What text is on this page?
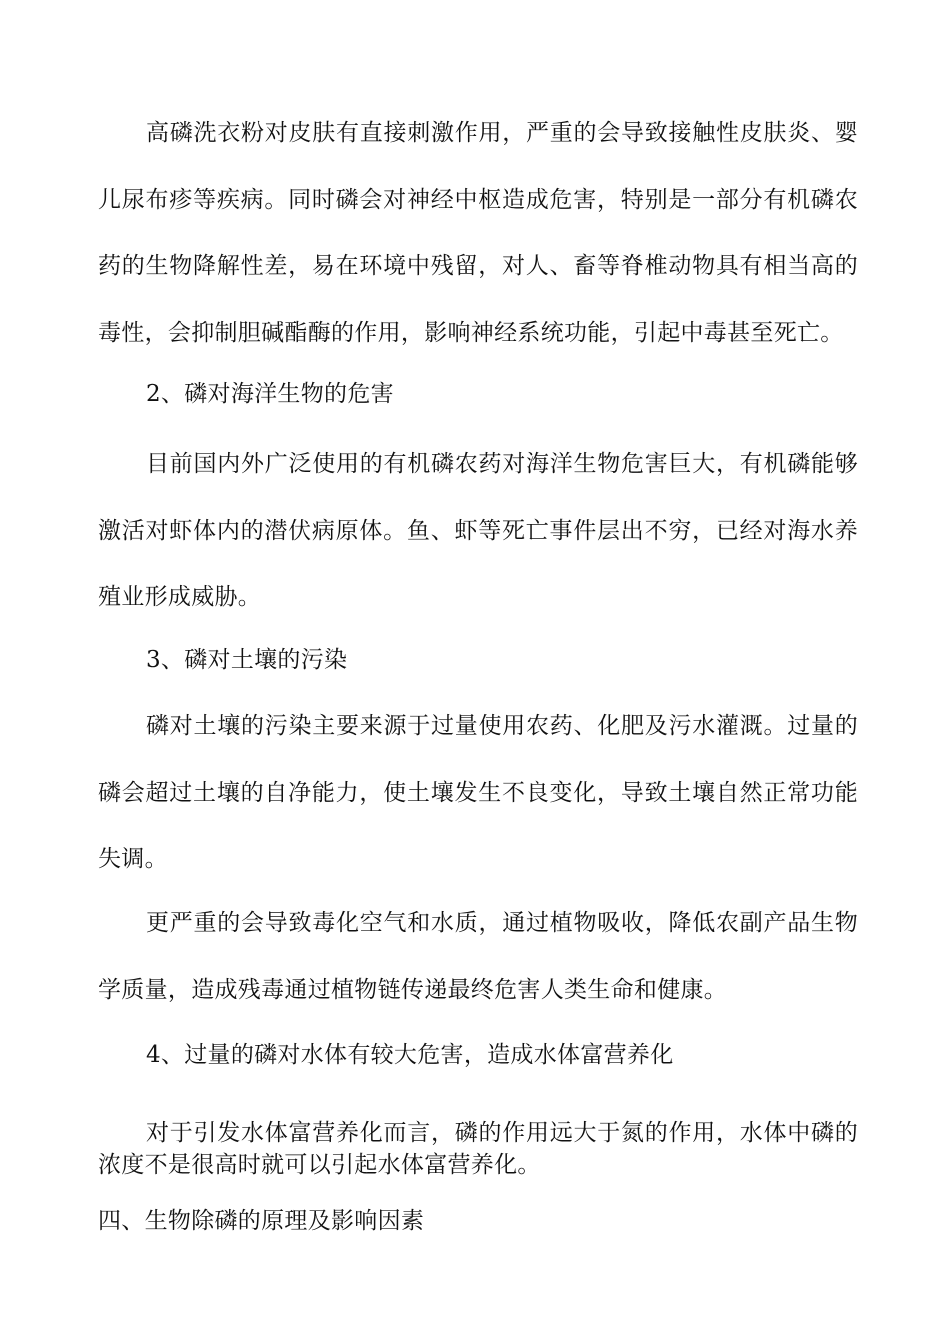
高磷洗衣粉对皮肤有直接刺激作用，严重的会导致接触性皮肤炎、婴儿尿布疹等疾病。同时磷会对神经中枢造成危害，特别是一部分有机磷农药的生物降解性差，易在环境中残留，对人、畜等脊椎动物具有相当高的毒性，会抑制胆碱酯酶的作用，影响神经系统功能，引起中毒甚至死亡。

2、磷对海洋生物的危害

目前国内外广泛使用的有机磷农药对海洋生物危害巨大，有机磷能够激活对虾体内的潜伏病原体。鱼、虾等死亡事件层出不穷，已经对海水养殖业形成威胁。

3、磷对土壤的污染

磷对土壤的污染主要来源于过量使用农药、化肥及污水灌溉。过量的磷会超过土壤的自净能力，使土壤发生不良变化，导致土壤自然正常功能失调。

更严重的会导致毒化空气和水质，通过植物吸收，降低农副产品生物学质量，造成残毒通过植物链传递最终危害人类生命和健康。

4、过量的磷对水体有较大危害，造成水体富营养化

对于引发水体富营养化而言，磷的作用远大于氮的作用，水体中磷的浓度不是很高时就可以引起水体富营养化。

四、生物除磷的原理及影响因素
